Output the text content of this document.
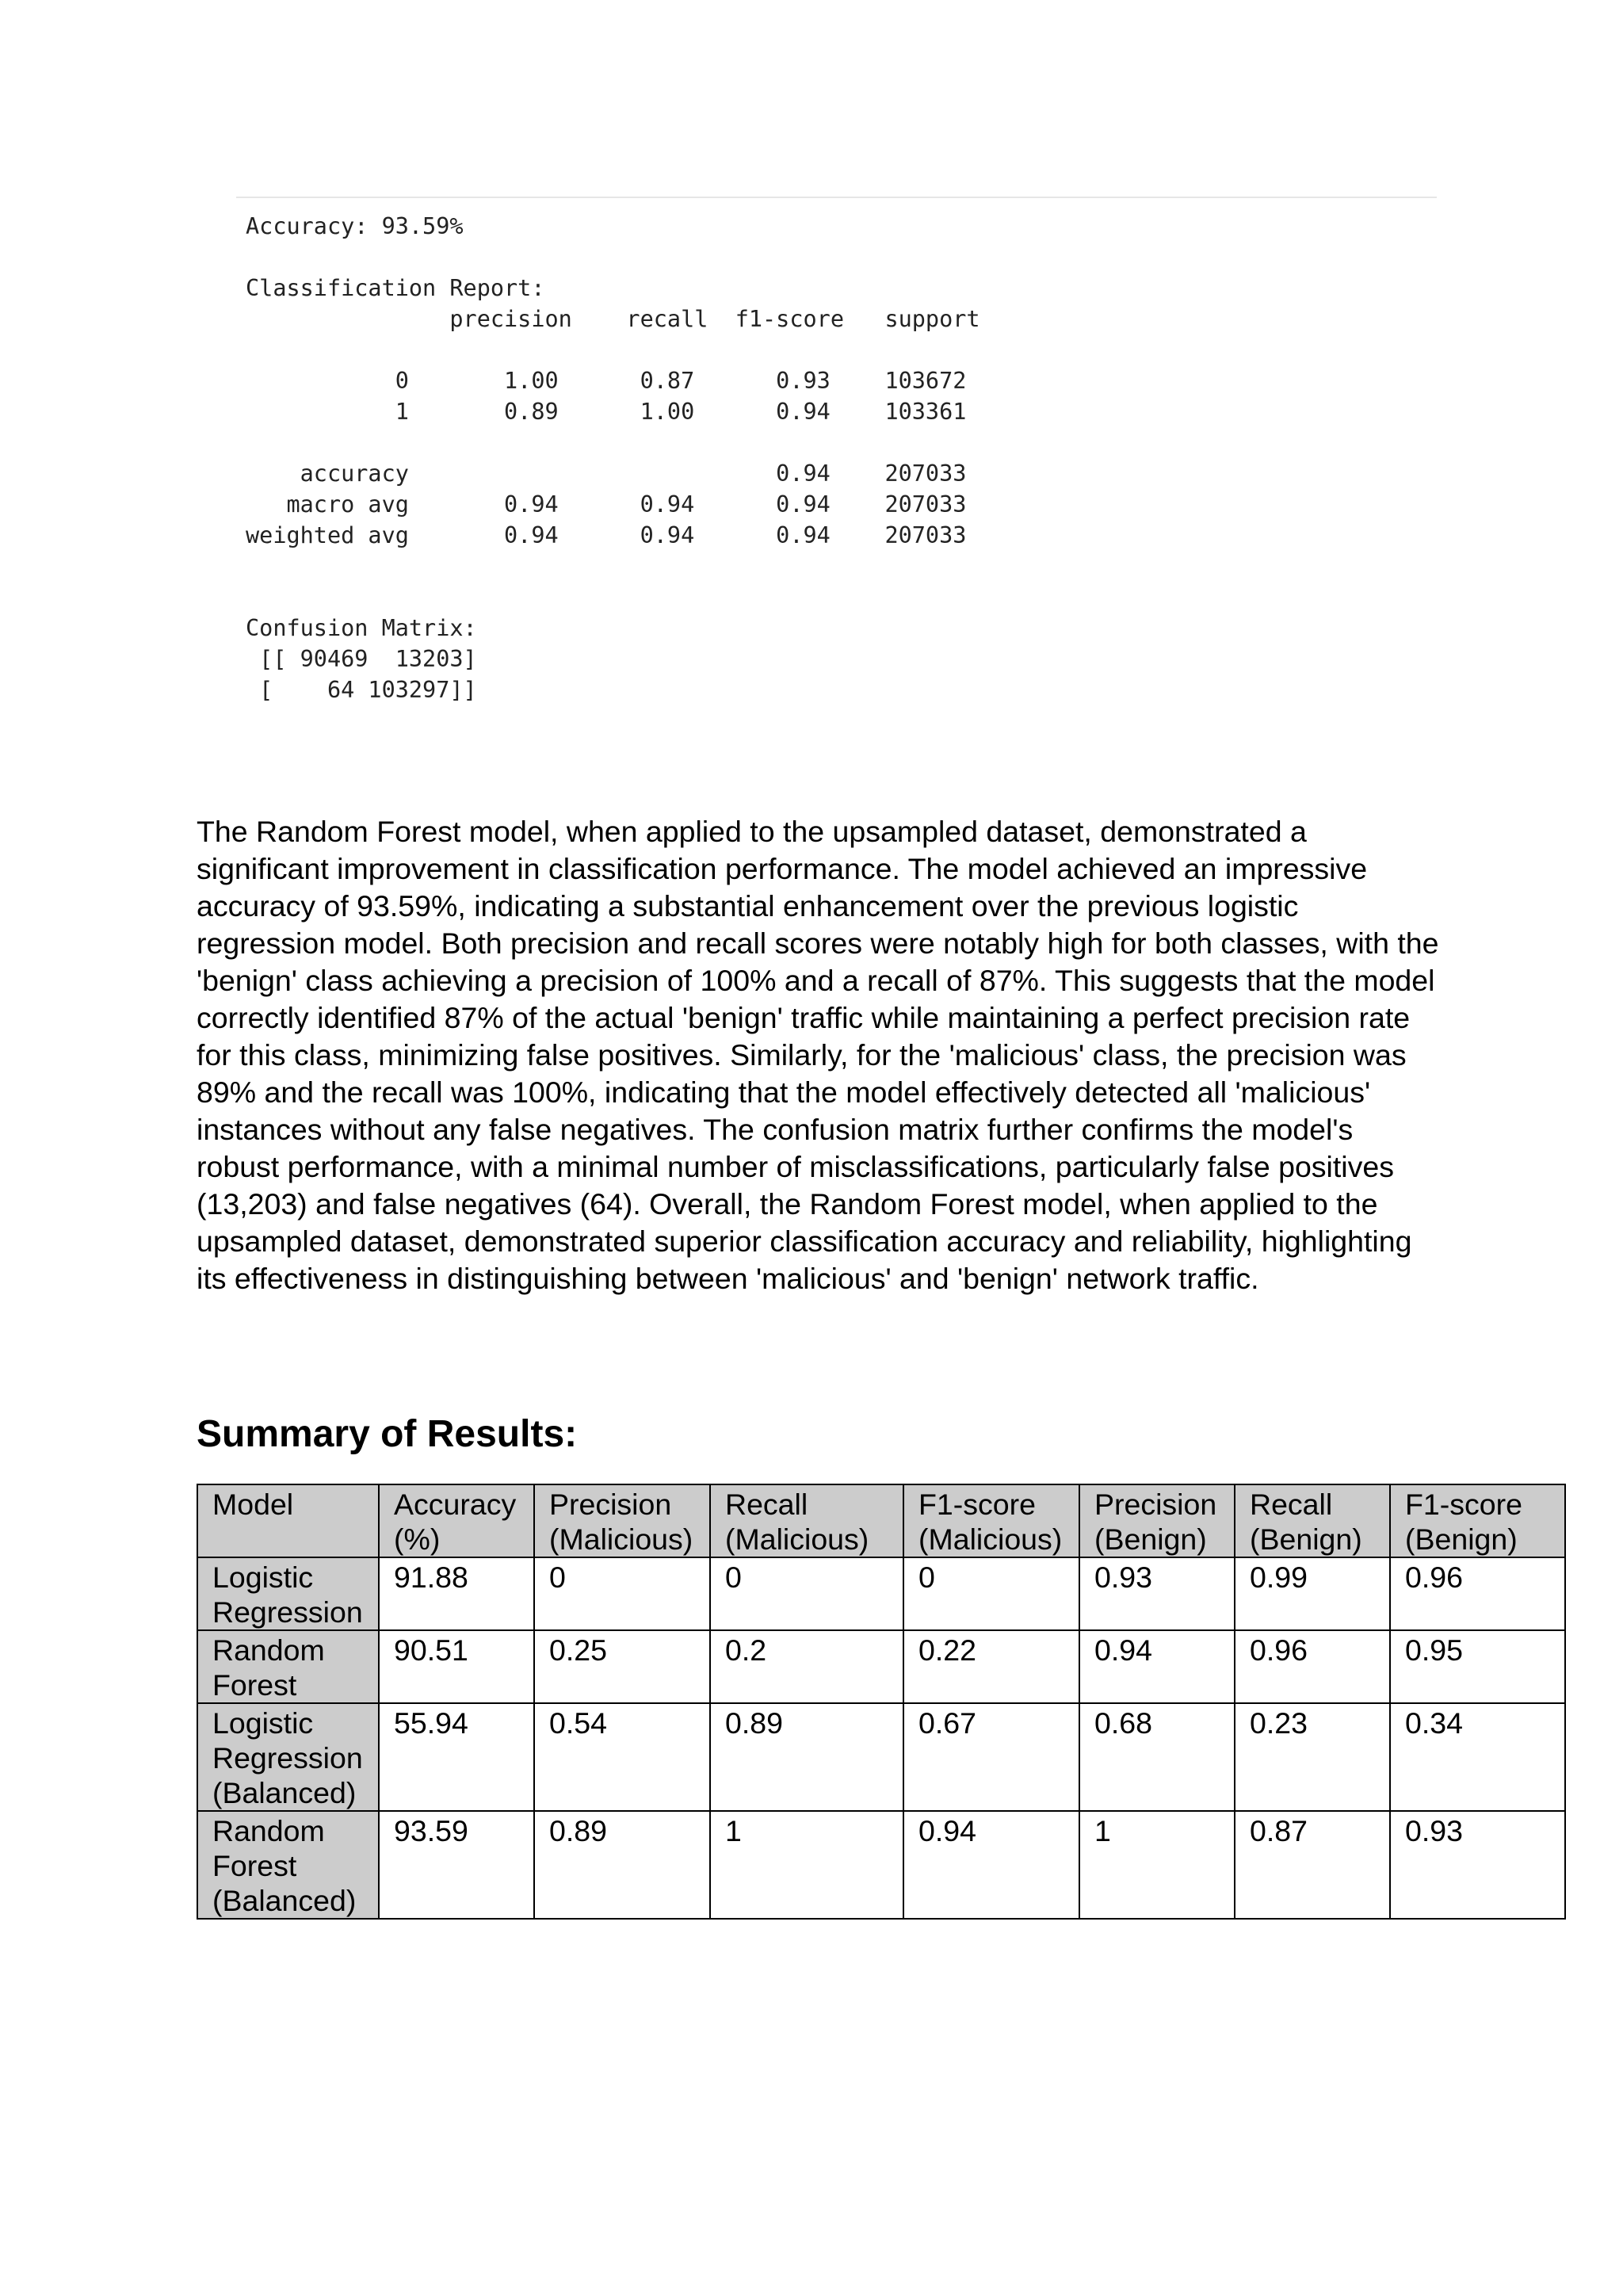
Accuracy: 93.59%

Classification Report:
precision    recall  f1-score   support

0       1.00      0.87      0.93    103672
1       0.89      1.00      0.94    103361

accuracy                           0.94    207033
macro avg       0.94      0.94      0.94    207033
weighted avg       0.94      0.94      0.94    207033

Confusion Matrix:
[[ 90469  13203]
[    64 103297]]

The Random Forest model, when applied to the upsampled dataset, demonstrated a significant improvement in classification performance. The model achieved an impressive accuracy of 93.59%, indicating a substantial enhancement over the previous logistic regression model. Both precision and recall scores were notably high for both classes, with the 'benign' class achieving a precision of 100% and a recall of 87%. This suggests that the model correctly identified 87% of the actual 'benign' traffic while maintaining a perfect precision rate for this class, minimizing false positives. Similarly, for the 'malicious' class, the precision was 89% and the recall was 100%, indicating that the model effectively detected all 'malicious' instances without any false negatives. The confusion matrix further confirms the model's robust performance, with a minimal number of misclassifications, particularly false positives (13,203) and false negatives (64). Overall, the Random Forest model, when applied to the upsampled dataset, demonstrated superior classification accuracy and reliability, highlighting its effectiveness in distinguishing between 'malicious' and 'benign' network traffic.

Summary of Results:
Model	Accuracy (%)	Precision (Malicious)	Recall (Malicious)	F1-score (Malicious)	Precision (Benign)	Recall (Benign)	F1-score (Benign)
Logistic Regression	91.88	0	0	0	0.93	0.99	0.96
Random Forest	90.51	0.25	0.2	0.22	0.94	0.96	0.95
Logistic Regression (Balanced)	55.94	0.54	0.89	0.67	0.68	0.23	0.34
Random Forest (Balanced)	93.59	0.89	1	0.94	1	0.87	0.93
